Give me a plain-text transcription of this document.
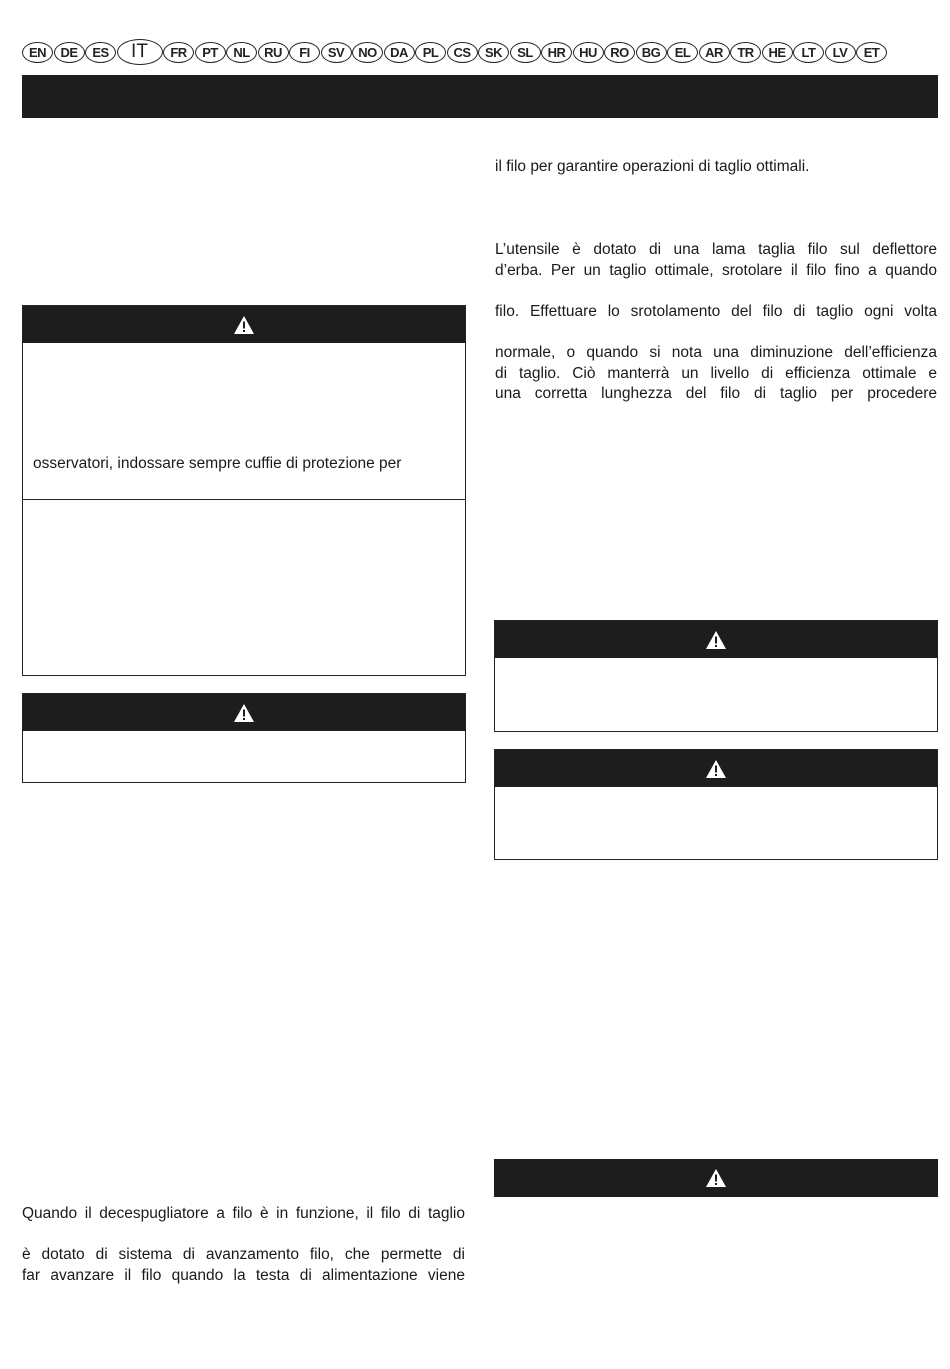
EN	DE	ES	IT	FR	PT	NL	RU	FI	SV	NO	DA	PL	CS	SK	SL	HR	HU	RO	BG	EL	AR	TR	HE	LT	LV	ET
osservatori, indossare sempre cuffie di protezione per
Quando il decespugliatore a filo è in funzione, il filo di taglio
è dotato di sistema di avanzamento filo, che permette di
far avanzare il filo quando la testa di alimentazione viene
il filo per garantire operazioni di taglio ottimali.
L’utensile è dotato di una lama taglia filo sul deflettore
d’erba. Per un taglio ottimale, srotolare il filo fino a quando
filo. Effettuare lo srotolamento del filo di taglio ogni volta
normale, o quando si nota una diminuzione dell’efficienza
di taglio. Ciò manterrà un livello di efficienza ottimale e
una corretta lunghezza del filo di taglio per procedere
